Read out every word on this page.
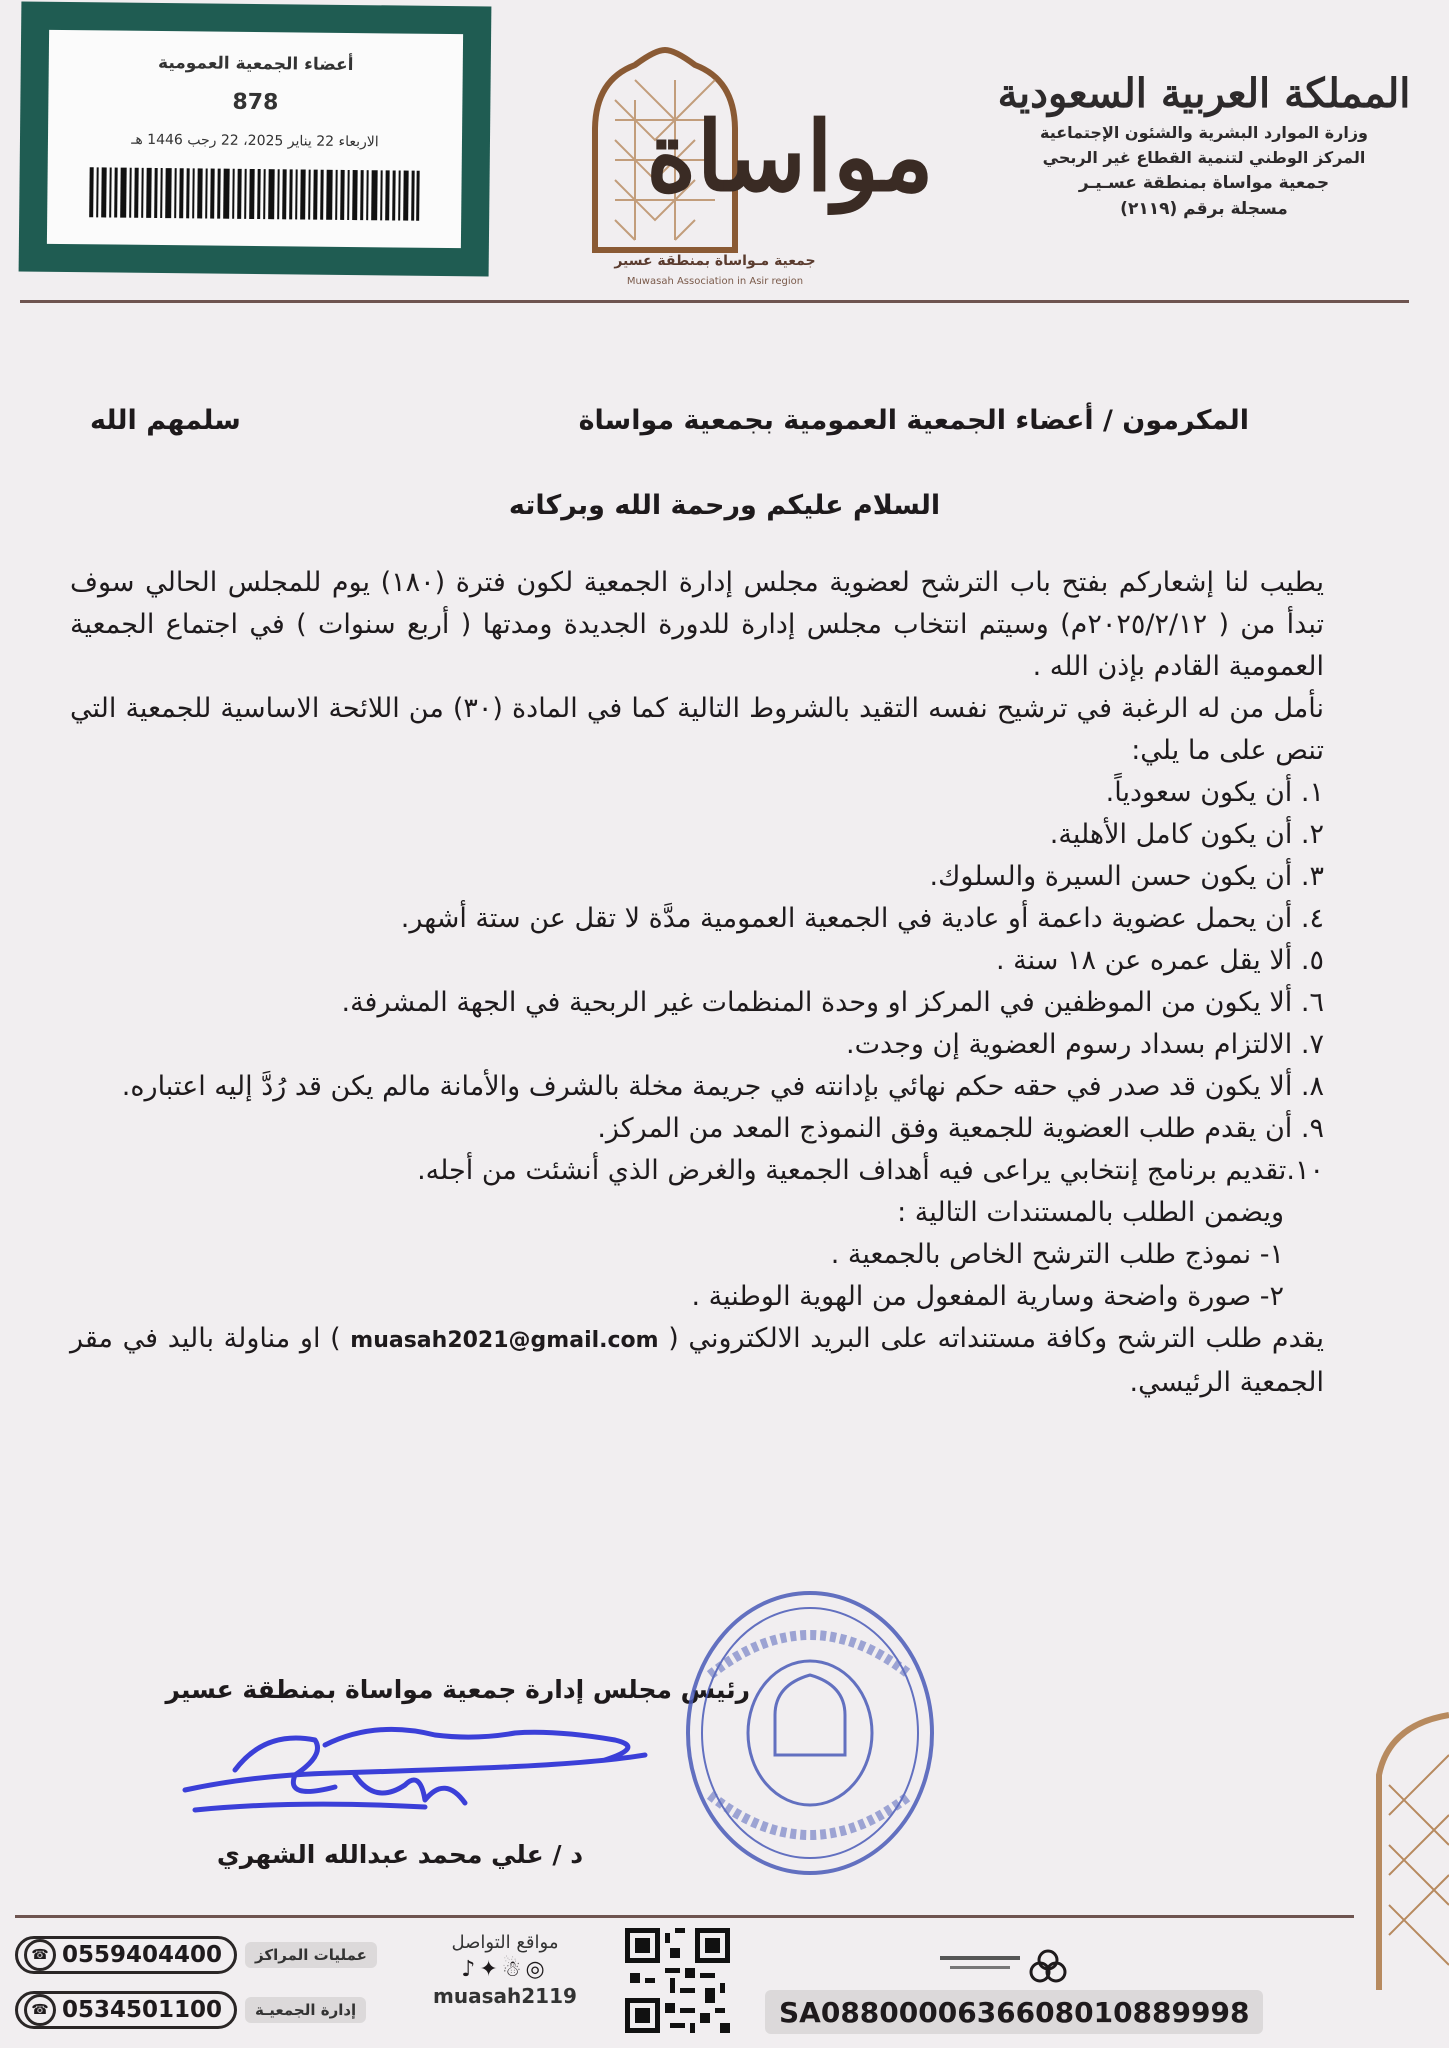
أعضاء الجمعية العمومية
878
الاربعاء 22 يناير 2025، 22 رجب 1446 هـ	مواساة
جمعية مـواساة بمنطقة عسير
Muwasah Association in Asir region
المملكة العربية السعودية
وزارة الموارد البشرية والشئون الإجتماعية
المركز الوطني لتنمية القطاع غير الربحي
جمعية مواساة بمنطقة عسـيـر
مسجلة برقم (٢١١٩)
سلمهم الله	المكرمون / أعضاء الجمعية العمومية بجمعية مواساة
السلام عليكم ورحمة الله وبركاته

يطيب لنا إشعاركم بفتح باب الترشح لعضوية مجلس إدارة الجمعية لكون فترة (١٨٠) يوم للمجلس الحالي سوف تبدأ من ( ٢٠٢٥/٢/١٢م) وسيتم انتخاب مجلس إدارة للدورة الجديدة ومدتها ( أربع سنوات ) في اجتماع الجمعية العمومية القادم بإذن الله .

نأمل من له الرغبة في ترشيح نفسه التقيد بالشروط التالية كما في المادة (٣٠) من اللائحة الاساسية للجمعية التي تنص على ما يلي:

١. أن يكون سعودياً.
٢. أن يكون كامل الأهلية.
٣. أن يكون حسن السيرة والسلوك.
٤. أن يحمل عضوية داعمة أو عادية في الجمعية العمومية مدَّة لا تقل عن ستة أشهر.
٥. ألا يقل عمره عن ١٨ سنة .
٦. ألا يكون من الموظفين في المركز او وحدة المنظمات غير الربحية في الجهة المشرفة.
٧. الالتزام بسداد رسوم العضوية إن وجدت.
٨. ألا يكون قد صدر في حقه حكم نهائي بإدانته في جريمة مخلة بالشرف والأمانة مالم يكن قد رُدَّ إليه اعتباره.
٩. أن يقدم طلب العضوية للجمعية وفق النموذج المعد من المركز.
١٠.تقديم برنامج إنتخابي يراعى فيه أهداف الجمعية والغرض الذي أنشئت من أجله.

ويضمن الطلب بالمستندات التالية :

١- نموذج طلب الترشح الخاص بالجمعية .

٢- صورة واضحة وسارية المفعول من الهوية الوطنية .

يقدم طلب الترشح وكافة مستنداته على البريد الالكتروني ( muasah2021@gmail.com ) او مناولة باليد في مقر الجمعية الرئيسي.

رئيس مجلس إدارة جمعية مواساة بمنطقة عسير
د / علي محمد عبدالله الشهري
☎ 0559404400	عمليات المراكز
☎ 0534501100	إدارة الجمعيـة
مواقع التواصل
♪✦☃◎
muasah2119	SA0880000636608010889998
